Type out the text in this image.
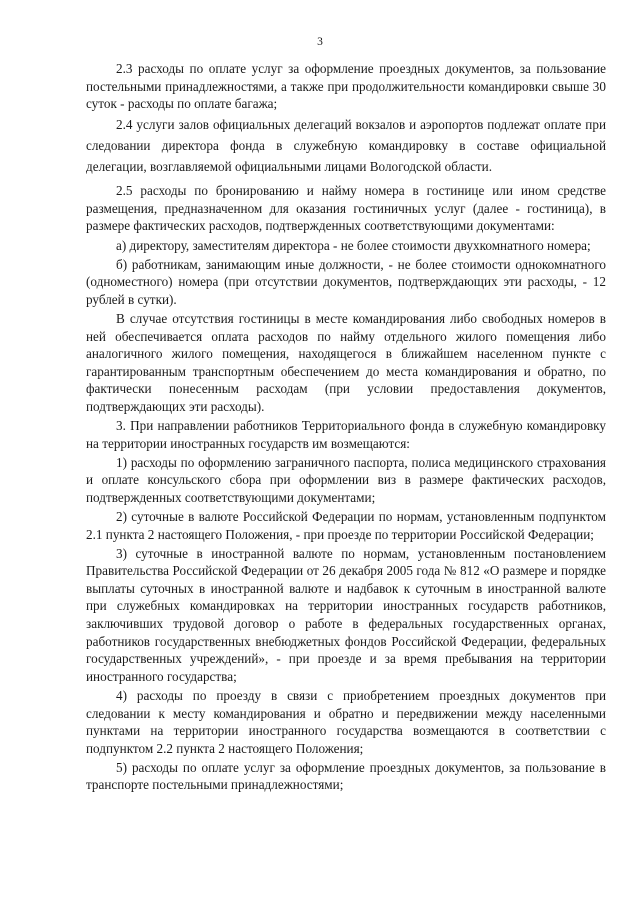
3

2.3 расходы по оплате услуг за оформление проездных документов, за пользование постельными принадлежностями, а также при продолжительности командировки свыше 30 суток - расходы по оплате багажа;

2.4 услуги залов официальных делегаций вокзалов и аэропортов подлежат оплате при следовании директора фонда в служебную командировку в составе официальной делегации, возглавляемой официальными лицами Вологодской области.

2.5 расходы по бронированию и найму номера в гостинице или ином средстве размещения, предназначенном для оказания гостиничных услуг (далее - гостиница), в размере фактических расходов, подтвержденных соответствующими документами:

а) директору, заместителям директора - не более стоимости двухкомнатного номера;

б) работникам, занимающим иные должности, - не более стоимости однокомнатного (одноместного) номера (при отсутствии документов, подтверждающих эти расходы, - 12 рублей в сутки).

В случае отсутствия гостиницы в месте командирования либо свободных номеров в ней обеспечивается оплата расходов по найму отдельного жилого помещения либо аналогичного жилого помещения, находящегося в ближайшем населенном пункте с гарантированным транспортным обеспечением до места командирования и обратно, по фактически понесенным расходам (при условии предоставления документов, подтверждающих эти расходы).

3. При направлении работников Территориального фонда в служебную командировку на территории иностранных государств им возмещаются:

1) расходы по оформлению заграничного паспорта, полиса медицинского страхования и оплате консульского сбора при оформлении виз в размере фактических расходов, подтвержденных соответствующими документами;

2) суточные в валюте Российской Федерации по нормам, установленным подпунктом 2.1 пункта 2 настоящего Положения, - при проезде по территории Российской Федерации;

3) суточные в иностранной валюте по нормам, установленным постановлением Правительства Российской Федерации от 26 декабря 2005 года № 812 «О размере и порядке выплаты суточных в иностранной валюте и надбавок к суточным в иностранной валюте при служебных командировках на территории иностранных государств работников, заключивших трудовой договор о работе в федеральных государственных органах, работников государственных внебюджетных фондов Российской Федерации, федеральных государственных учреждений», - при проезде и за время пребывания на территории иностранного государства;

4) расходы по проезду в связи с приобретением проездных документов при следовании к месту командирования и обратно и передвижении между населенными пунктами на территории иностранного государства возмещаются в соответствии с подпунктом 2.2 пункта 2 настоящего Положения;

5) расходы по оплате услуг за оформление проездных документов, за пользование в транспорте постельными принадлежностями;
